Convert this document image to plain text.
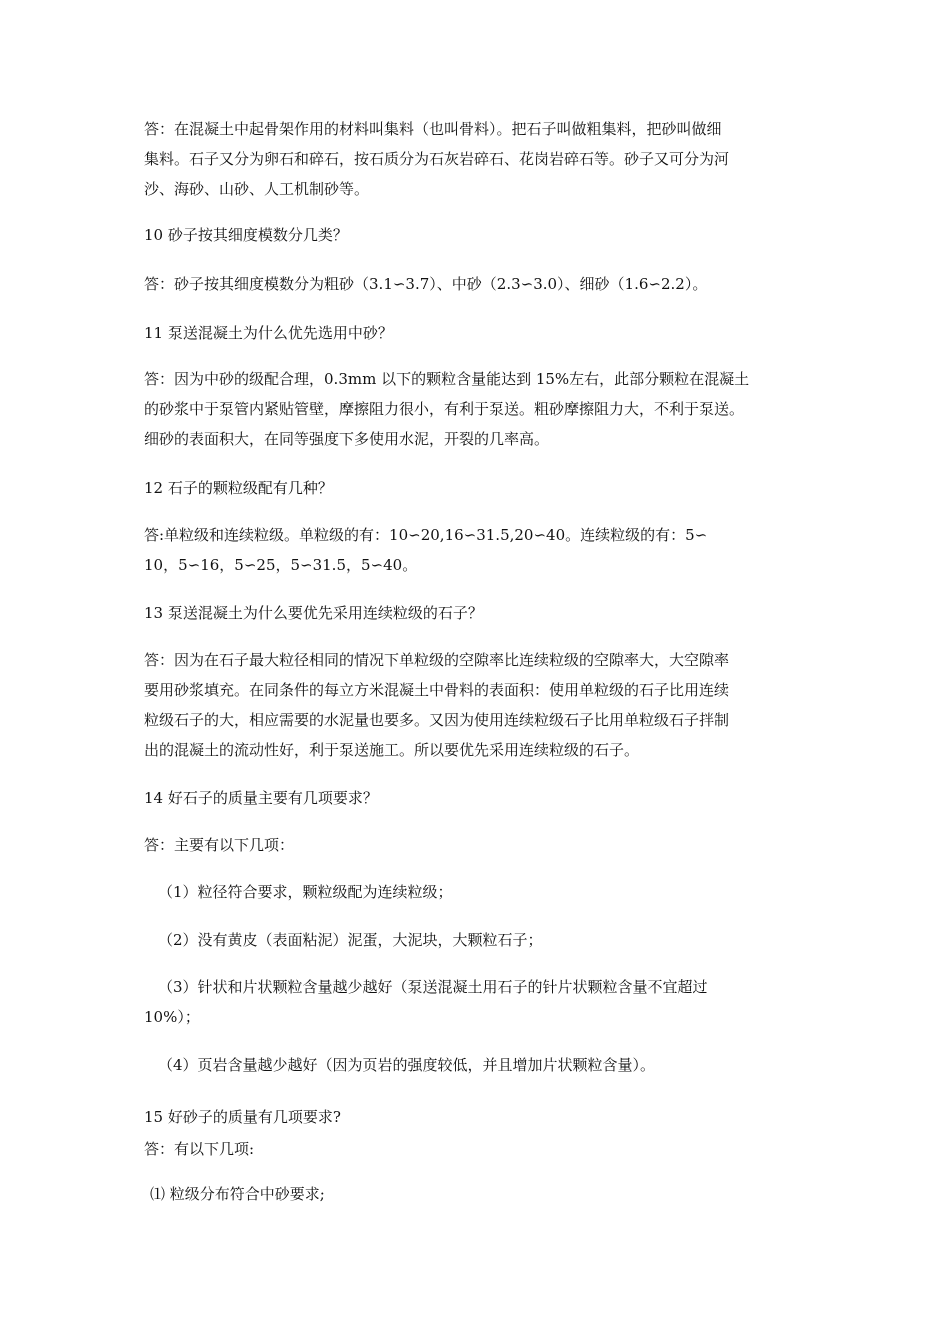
答：在混凝土中起骨架作用的材料叫集料（也叫骨料）。把石子叫做粗集料，把砂叫做细
集料。石子又分为卵石和碎石，按石质分为石灰岩碎石、花岗岩碎石等。砂子又可分为河
沙、海砂、山砂、人工机制砂等。

10 砂子按其细度模数分几类？

答：砂子按其细度模数分为粗砂（3.1∽3.7）、中砂（2.3∽3.0）、细砂（1.6∽2.2）。

11 泵送混凝土为什么优先选用中砂？

答：因为中砂的级配合理，0.3mm 以下的颗粒含量能达到 15%左右，此部分颗粒在混凝土
的砂浆中于泵管内紧贴管壁，摩擦阻力很小，有利于泵送。粗砂摩擦阻力大，不利于泵送。
细砂的表面积大，在同等强度下多使用水泥，开裂的几率高。

12 石子的颗粒级配有几种？

答:单粒级和连续粒级。单粒级的有：10∽20,16∽31.5,20∽40。连续粒级的有：5∽
10，5∽16，5∽25，5∽31.5，5∽40。

13 泵送混凝土为什么要优先采用连续粒级的石子？

答：因为在石子最大粒径相同的情况下单粒级的空隙率比连续粒级的空隙率大，大空隙率
要用砂浆填充。在同条件的每立方米混凝土中骨料的表面积：使用单粒级的石子比用连续
粒级石子的大，相应需要的水泥量也要多。又因为使用连续粒级石子比用单粒级石子拌制
出的混凝土的流动性好，利于泵送施工。所以要优先采用连续粒级的石子。

14 好石子的质量主要有几项要求？

答：主要有以下几项：

（1）粒径符合要求，颗粒级配为连续粒级；

（2）没有黄皮（表面粘泥）泥蛋，大泥块，大颗粒石子；

（3）针状和片状颗粒含量越少越好（泵送混凝土用石子的针片状颗粒含量不宜超过

10%）；

（4）页岩含量越少越好（因为页岩的强度较低，并且增加片状颗粒含量）。

15 好砂子的质量有几项要求?

答：有以下几项:

⑴ 粒级分布符合中砂要求;
